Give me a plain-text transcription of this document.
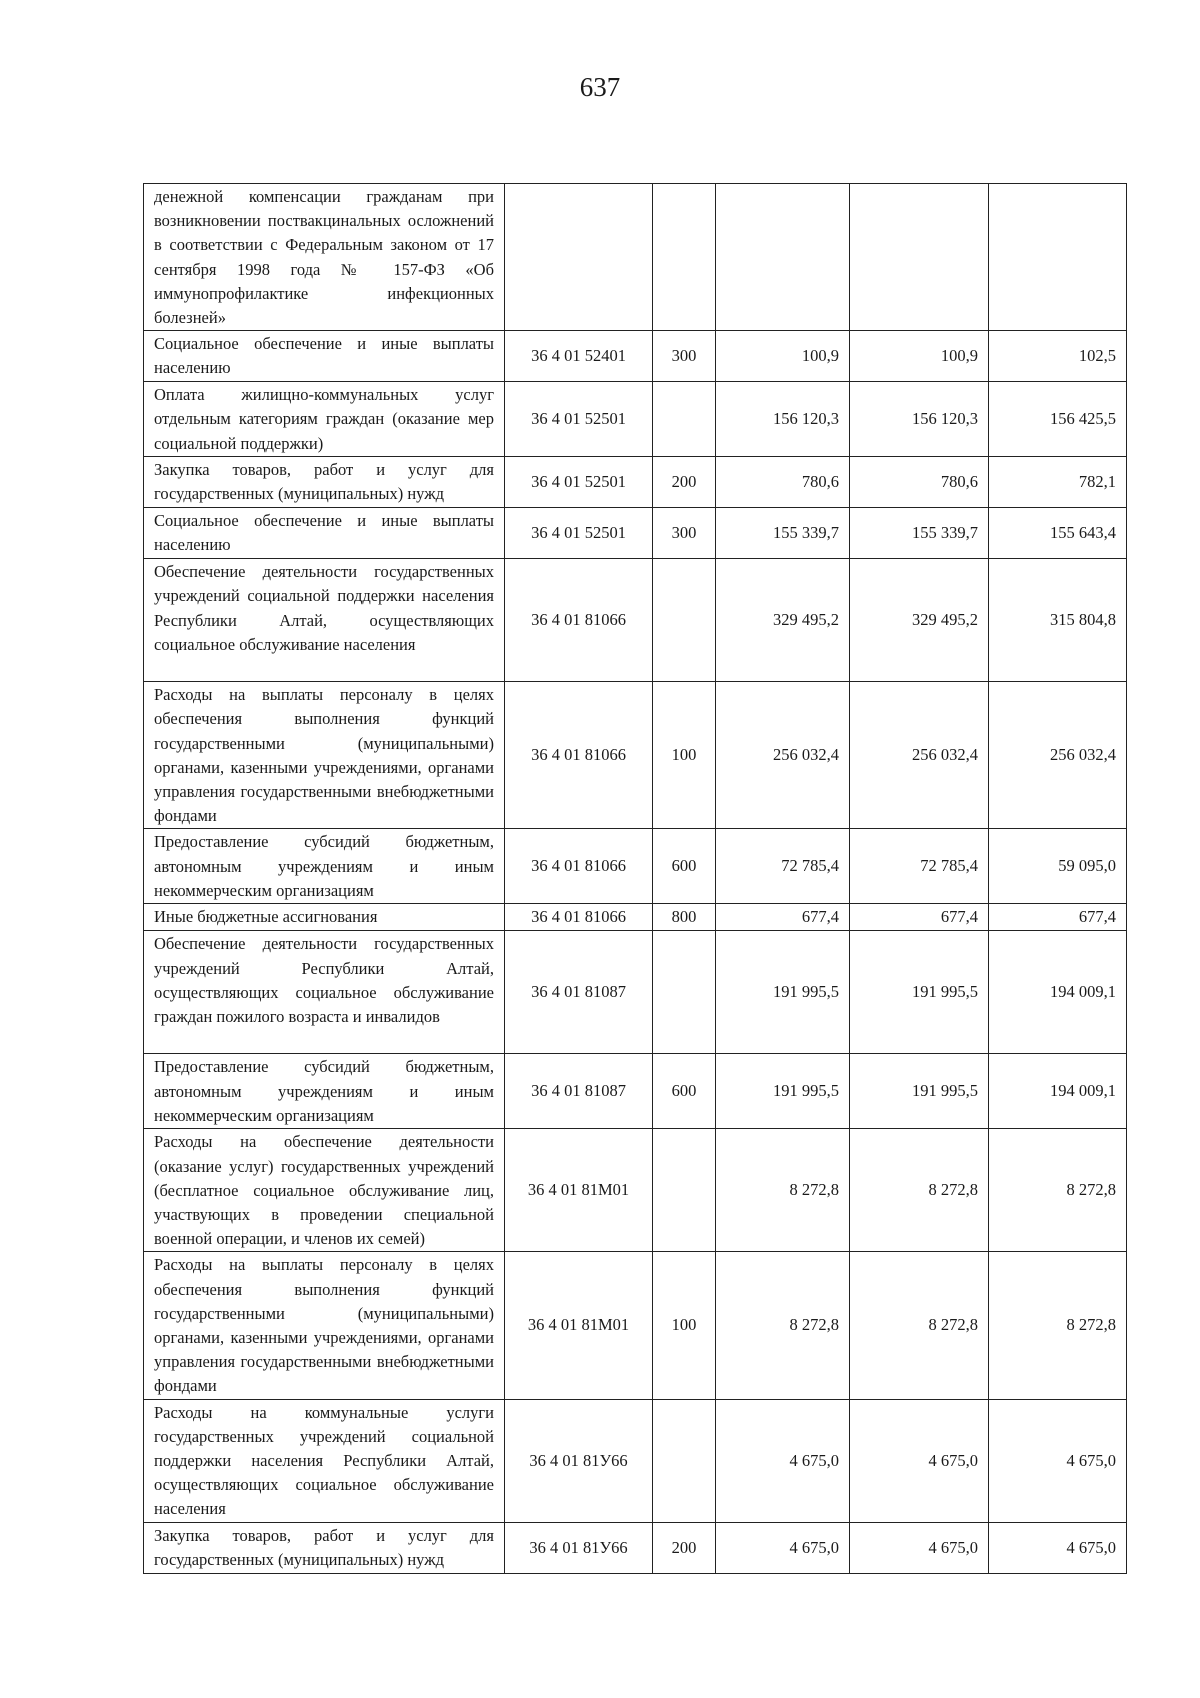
637
денежной компенсации гражданам при возникновении поствакцинальных осложнений в соответствии с Федеральным законом от 17 сентября 1998 года № 157-ФЗ «Об иммунопрофилактике инфекционных болезней»					
Социальное обеспечение и иные выплаты населению	36 4 01 52401	300	100,9	100,9	102,5
Оплата жилищно-коммунальных услуг отдельным категориям граждан (оказание мер социальной поддержки)	36 4 01 52501		156 120,3	156 120,3	156 425,5
Закупка товаров, работ и услуг для государственных (муниципальных) нужд	36 4 01 52501	200	780,6	780,6	782,1
Социальное обеспечение и иные выплаты населению	36 4 01 52501	300	155 339,7	155 339,7	155 643,4
Обеспечение деятельности государственных учреждений социальной поддержки населения Республики Алтай, осуществляющих социальное обслуживание населения	36 4 01 81066		329 495,2	329 495,2	315 804,8
Расходы на выплаты персоналу в целях обеспечения выполнения функций государственными (муниципальными) органами, казенными учреждениями, органами управления государственными внебюджетными фондами	36 4 01 81066	100	256 032,4	256 032,4	256 032,4
Предоставление субсидий бюджетным, автономным учреждениям и иным некоммерческим организациям	36 4 01 81066	600	72 785,4	72 785,4	59 095,0
Иные бюджетные ассигнования	36 4 01 81066	800	677,4	677,4	677,4
Обеспечение деятельности государственных учреждений Республики Алтай, осуществляющих социальное обслуживание граждан пожилого возраста и инвалидов	36 4 01 81087		191 995,5	191 995,5	194 009,1
Предоставление субсидий бюджетным, автономным учреждениям и иным некоммерческим организациям	36 4 01 81087	600	191 995,5	191 995,5	194 009,1
Расходы на обеспечение деятельности (оказание услуг) государственных учреждений (бесплатное социальное обслуживание лиц, участвующих в проведении специальной военной операции, и членов их семей)	36 4 01 81М01		8 272,8	8 272,8	8 272,8
Расходы на выплаты персоналу в целях обеспечения выполнения функций государственными (муниципальными) органами, казенными учреждениями, органами управления государственными внебюджетными фондами	36 4 01 81М01	100	8 272,8	8 272,8	8 272,8
Расходы на коммунальные услуги государственных учреждений социальной поддержки населения Республики Алтай, осуществляющих социальное обслуживание населения	36 4 01 81У66		4 675,0	4 675,0	4 675,0
Закупка товаров, работ и услуг для государственных (муниципальных) нужд	36 4 01 81У66	200	4 675,0	4 675,0	4 675,0
